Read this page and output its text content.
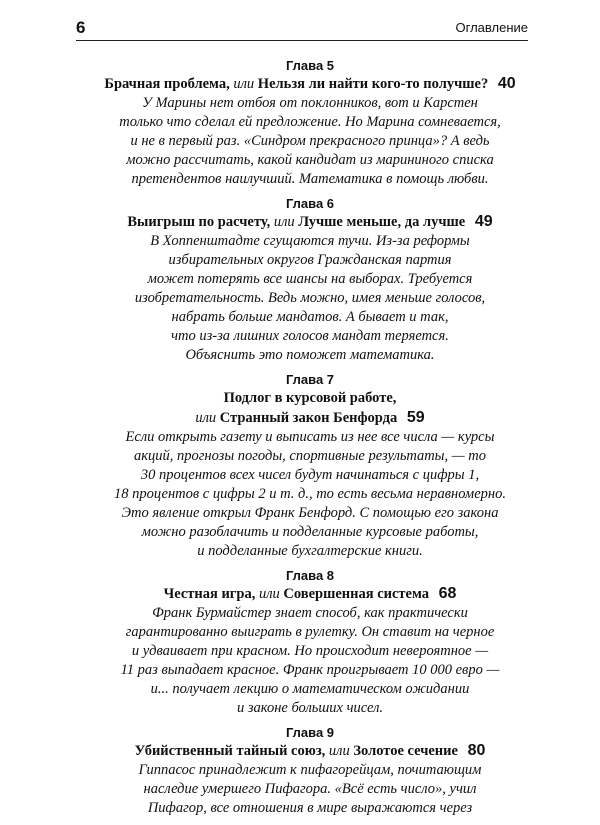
6	Оглавление
Глава 5
Брачная проблема, или Нельзя ли найти кого-то получше? 40
У Марины нет отбоя от поклонников, вот и Карстен
только что сделал ей предложение. Но Марина сомневается,
и не в первый раз. «Синдром прекрасного принца»? А ведь
можно рассчитать, какой кандидат из марининого списка
претендентов наилучший. Математика в помощь любви.
Глава 6
Выигрыш по расчету, или Лучше меньше, да лучше 49
В Хоппенштадте сгущаются тучи. Из-за реформы
избирательных округов Гражданская партия
может потерять все шансы на выборах. Требуется
изобретательность. Ведь можно, имея меньше голосов,
набрать больше мандатов. А бывает и так,
что из-за лишних голосов мандат теряется.
Объяснить это поможет математика.
Глава 7
Подлог в курсовой работе,
или Странный закон Бенфорда 59
Если открыть газету и выписать из нее все числа — курсы
акций, прогнозы погоды, спортивные результаты, — то
30 процентов всех чисел будут начинаться с цифры 1,
18 процентов с цифры 2 и т. д., то есть весьма неравномерно.
Это явление открыл Франк Бенфорд. С помощью его закона
можно разоблачить и подделанные курсовые работы,
и подделанные бухгалтерские книги.
Глава 8
Честная игра, или Совершенная система 68
Франк Бурмайстер знает способ, как практически
гарантированно выиграть в рулетку. Он ставит на черное
и удваивает при красном. Но происходит невероятное —
11 раз выпадает красное. Франк проигрывает 10 000 евро —
и... получает лекцию о математическом ожидании
и законе больших чисел.
Глава 9
Убийственный тайный союз, или Золотое сечение 80
Гиппасос принадлежит к пифагорейцам, почитающим
наследие умершего Пифагора. «Всё есть число», учил
Пифагор, все отношения в мире выражаются через
